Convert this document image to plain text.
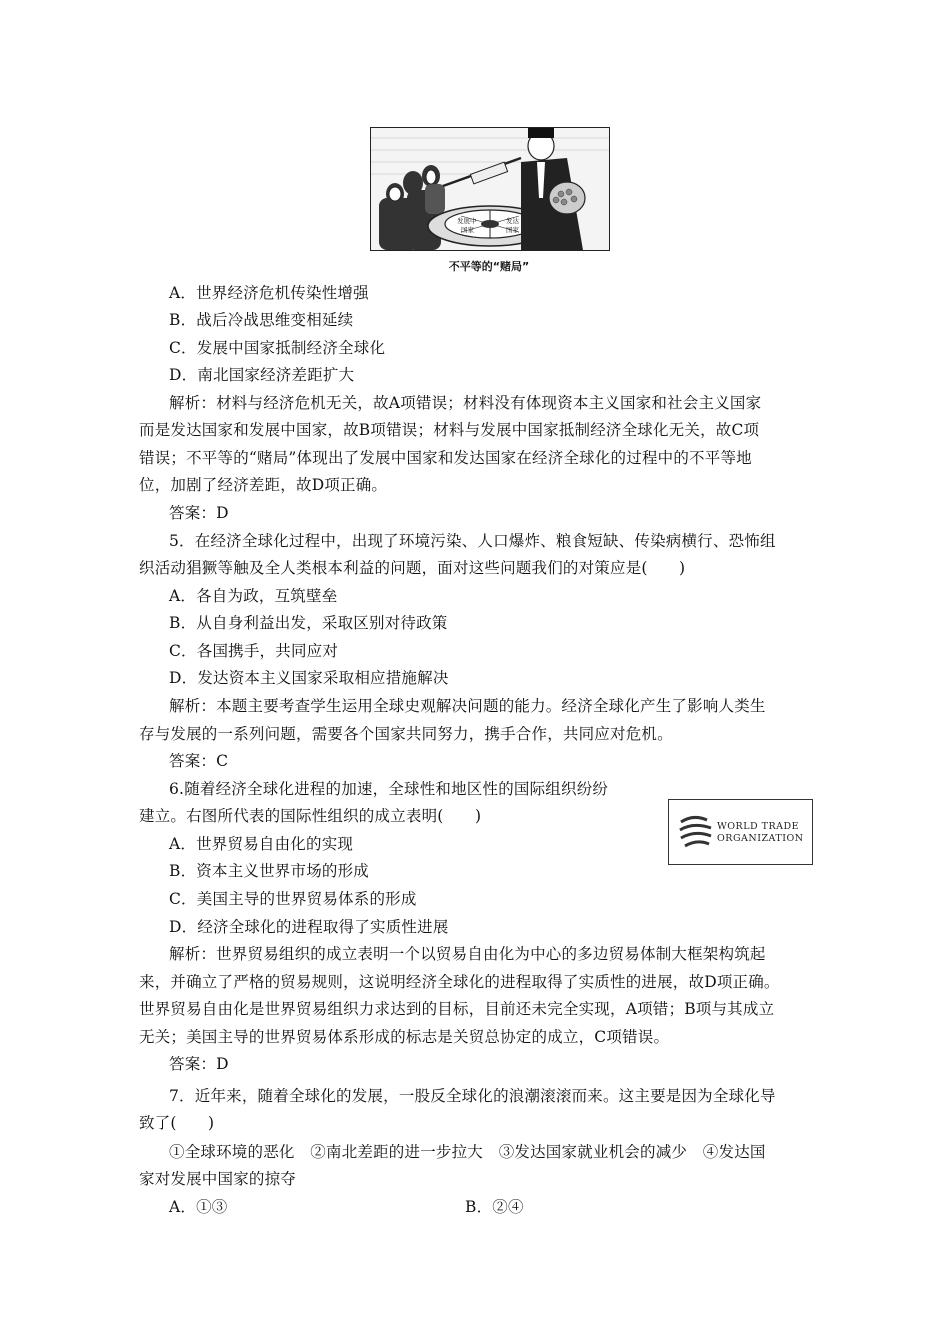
发展中
国家
发达
国家
不平等的“赌局”
A．世界经济危机传染性增强
B．战后冷战思维变相延续
C．发展中国家抵制经济全球化
D．南北国家经济差距扩大
解析：材料与经济危机无关，故A项错误；材料没有体现资本主义国家和社会主义国家
而是发达国家和发展中国家，故B项错误；材料与发展中国家抵制经济全球化无关，故C项
错误；不平等的“赌局”体现出了发展中国家和发达国家在经济全球化的过程中的不平等地
位，加剧了经济差距，故D项正确。
答案：D
5．在经济全球化过程中，出现了环境污染、人口爆炸、粮食短缺、传染病横行、恐怖组
织活动猖獗等触及全人类根本利益的问题，面对这些问题我们的对策应是(　　)
A．各自为政，互筑壁垒
B．从自身利益出发，采取区别对待政策
C．各国携手，共同应对
D．发达资本主义国家采取相应措施解决
解析：本题主要考查学生运用全球史观解决问题的能力。经济全球化产生了影响人类生
存与发展的一系列问题，需要各个国家共同努力，携手合作，共同应对危机。
答案：C
6.随着经济全球化进程的加速，全球性和地区性的国际组织纷纷
建立。右图所代表的国际性组织的成立表明(　　)
A．世界贸易自由化的实现
B．资本主义世界市场的形成
C．美国主导的世界贸易体系的形成
D．经济全球化的进程取得了实质性进展
解析：世界贸易组织的成立表明一个以贸易自由化为中心的多边贸易体制大框架构筑起
来，并确立了严格的贸易规则，这说明经济全球化的进程取得了实质性的进展，故D项正确。
世界贸易自由化是世界贸易组织力求达到的目标，目前还未完全实现，A项错；B项与其成立
无关；美国主导的世界贸易体系形成的标志是关贸总协定的成立，C项错误。
答案：D
WORLD TRADE
ORGANIZATION
7．近年来，随着全球化的发展，一股反全球化的浪潮滚滚而来。这主要是因为全球化导
致了(　　)
①全球环境的恶化　②南北差距的进一步拉大　③发达国家就业机会的减少　④发达国
家对发展中国家的掠夺
A．①③	B．②④
